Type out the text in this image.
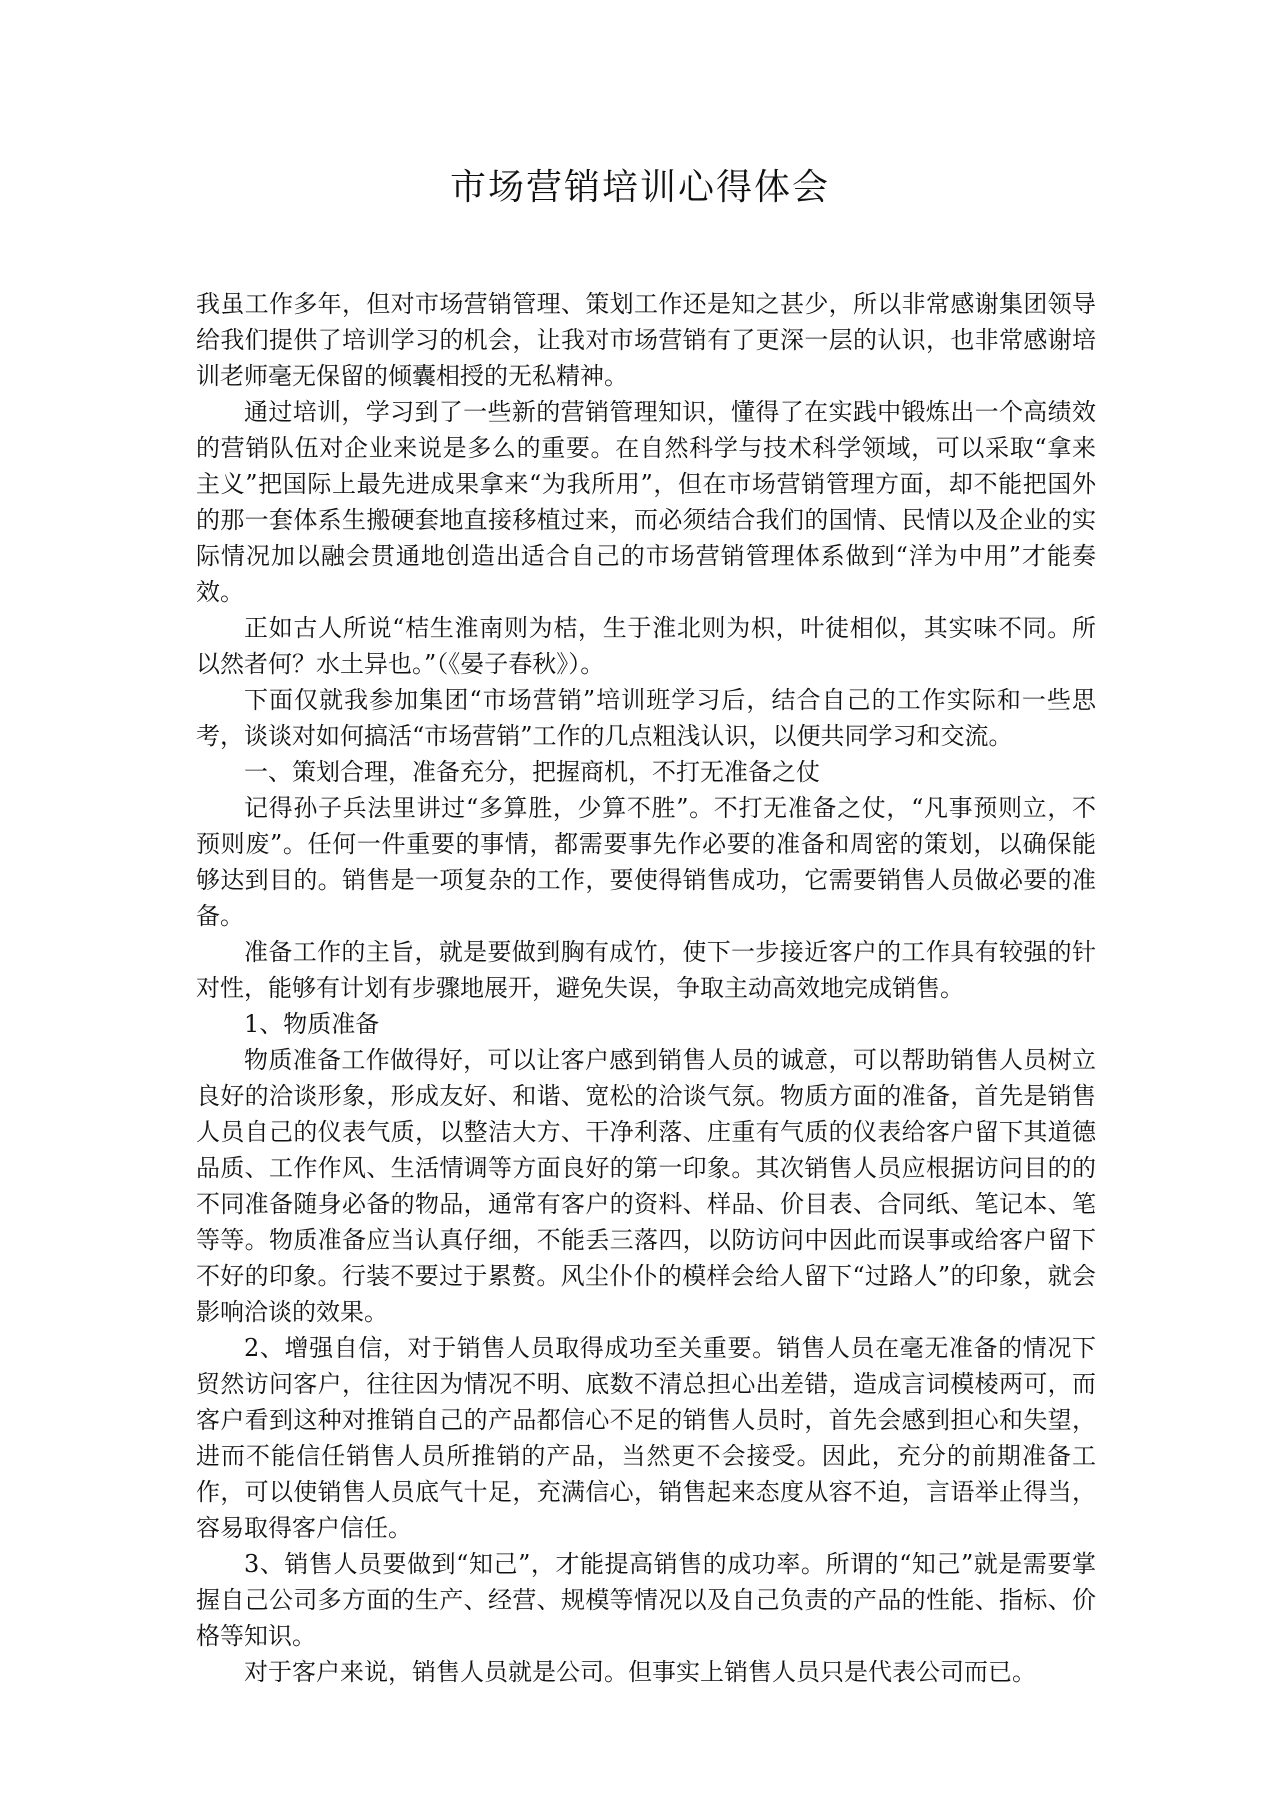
市场营销培训心得体会

我虽工作多年，但对市场营销管理、策划工作还是知之甚少，所以非常感谢集团领导给我们提供了培训学习的机会，让我对市场营销有了更深一层的认识，也非常感谢培训老师毫无保留的倾囊相授的无私精神。

通过培训，学习到了一些新的营销管理知识，懂得了在实践中锻炼出一个高绩效的营销队伍对企业来说是多么的重要。在自然科学与技术科学领域，可以采取“拿来主义”把国际上最先进成果拿来“为我所用”，但在市场营销管理方面，却不能把国外的那一套体系生搬硬套地直接移植过来，而必须结合我们的国情、民情以及企业的实际情况加以融会贯通地创造出适合自己的市场营销管理体系做到“洋为中用”才能奏效。

正如古人所说“桔生淮南则为桔，生于淮北则为枳，叶徒相似，其实味不同。所以然者何？水土异也。”（《晏子春秋》）。

下面仅就我参加集团“市场营销”培训班学习后，结合自己的工作实际和一些思考，谈谈对如何搞活“市场营销”工作的几点粗浅认识，以便共同学习和交流。

一、策划合理，准备充分，把握商机，不打无准备之仗

记得孙子兵法里讲过“多算胜，少算不胜”。不打无准备之仗，“凡事预则立，不预则废”。任何一件重要的事情，都需要事先作必要的准备和周密的策划，以确保能够达到目的。销售是一项复杂的工作，要使得销售成功，它需要销售人员做必要的准备。

准备工作的主旨，就是要做到胸有成竹，使下一步接近客户的工作具有较强的针对性，能够有计划有步骤地展开，避免失误，争取主动高效地完成销售。

1、物质准备

物质准备工作做得好，可以让客户感到销售人员的诚意，可以帮助销售人员树立良好的洽谈形象，形成友好、和谐、宽松的洽谈气氛。物质方面的准备，首先是销售人员自己的仪表气质，以整洁大方、干净利落、庄重有气质的仪表给客户留下其道德品质、工作作风、生活情调等方面良好的第一印象。其次销售人员应根据访问目的的不同准备随身必备的物品，通常有客户的资料、样品、价目表、合同纸、笔记本、笔等等。物质准备应当认真仔细，不能丢三落四，以防访问中因此而误事或给客户留下不好的印象。行装不要过于累赘。风尘仆仆的模样会给人留下“过路人”的印象，就会影响洽谈的效果。

2、增强自信，对于销售人员取得成功至关重要。销售人员在毫无准备的情况下贸然访问客户，往往因为情况不明、底数不清总担心出差错，造成言词模棱两可，而客户看到这种对推销自己的产品都信心不足的销售人员时，首先会感到担心和失望，进而不能信任销售人员所推销的产品，当然更不会接受。因此，充分的前期准备工作，可以使销售人员底气十足，充满信心，销售起来态度从容不迫，言语举止得当，容易取得客户信任。

3、销售人员要做到“知己”，才能提高销售的成功率。所谓的“知己”就是需要掌握自己公司多方面的生产、经营、规模等情况以及自己负责的产品的性能、指标、价格等知识。

对于客户来说，销售人员就是公司。但事实上销售人员只是代表公司而已。
